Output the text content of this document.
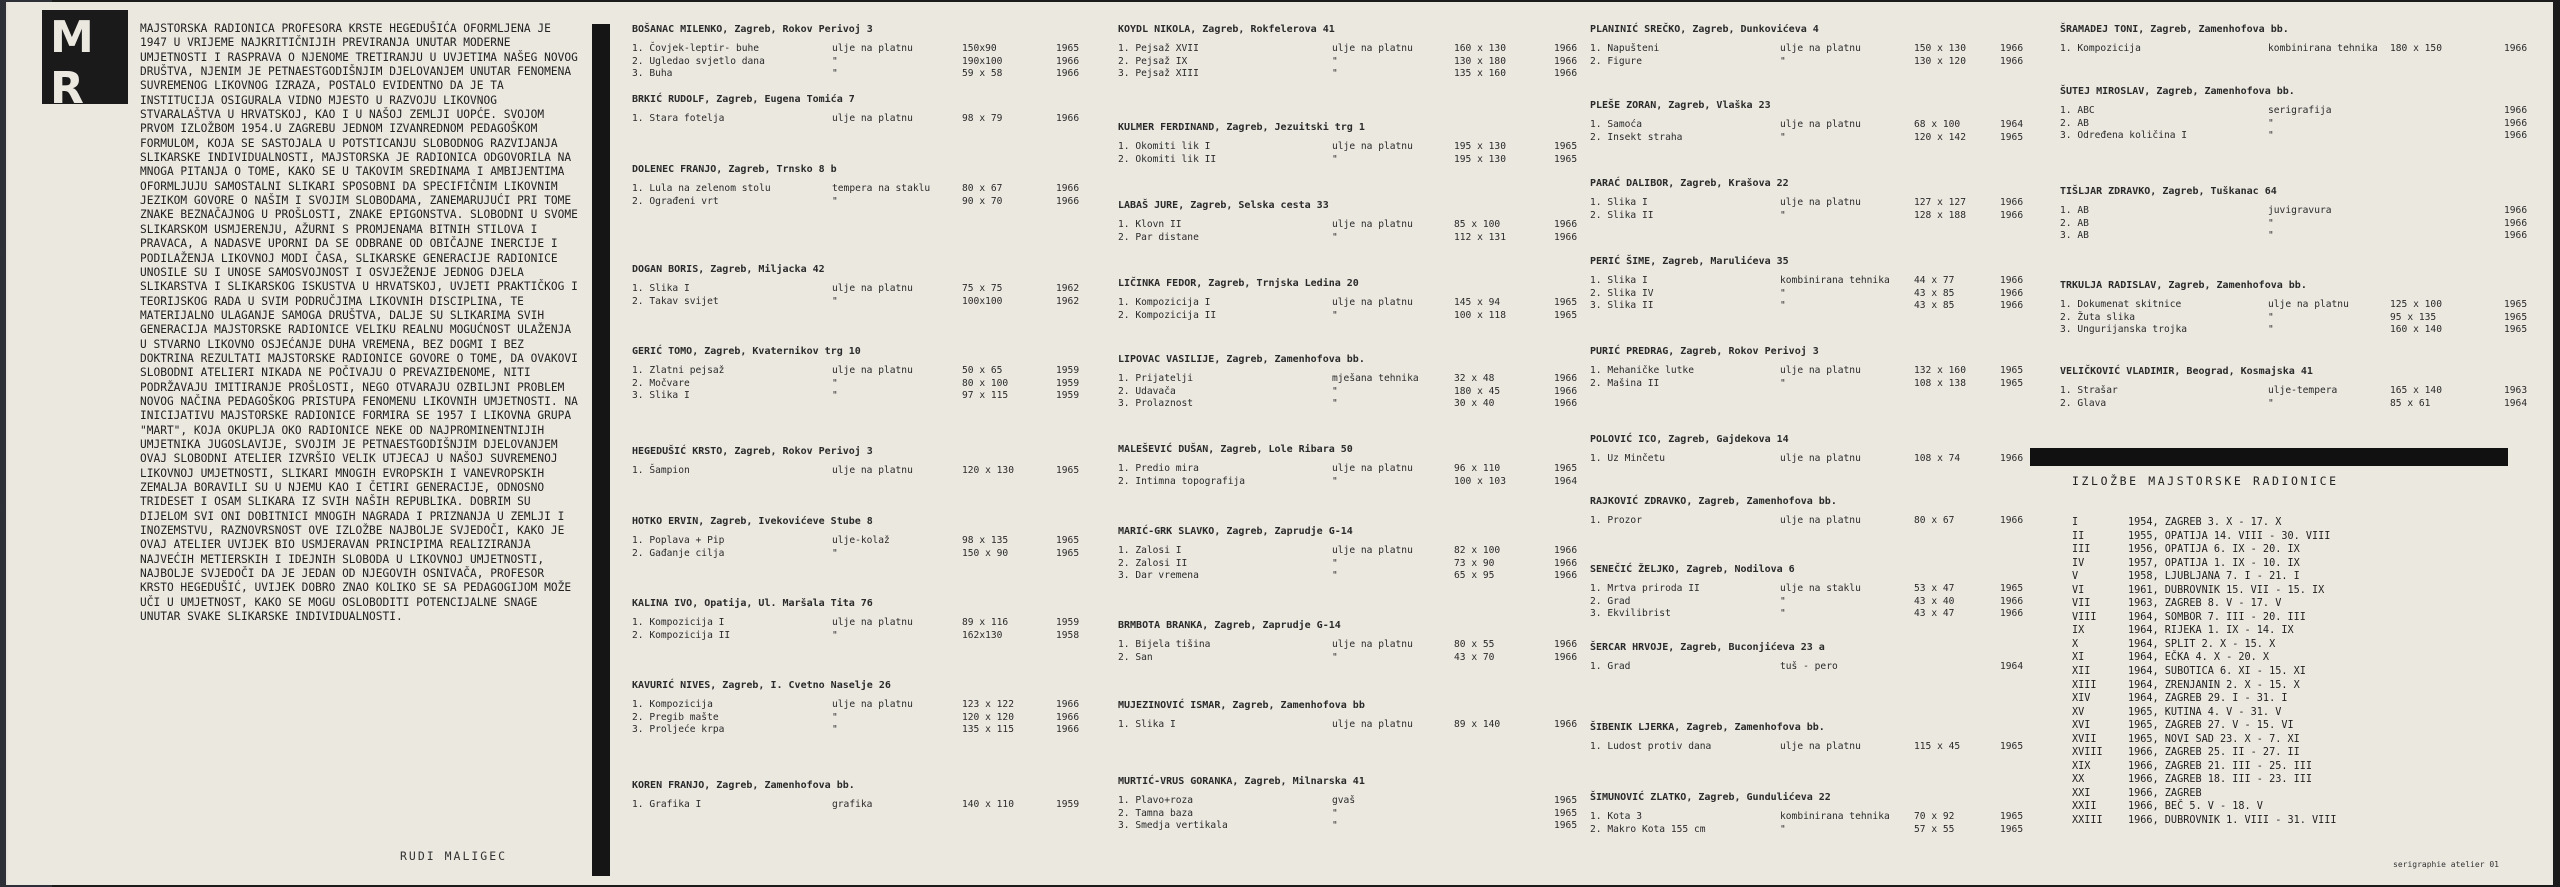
M R
MAJSTORSKA RADIONICA PROFESORA KRSTE HEGEDUŠIĆA OFORMLJENA JE 1947 U VRIJEME NAJKRITIČNIJIH PREVIRANJA UNUTAR MODERNE UMJETNOSTI I RASPRAVA O NJENOME TRETIRANJU U UVJETIMA NAŠEG NOVOG DRUŠTVA, NJENIM JE PETNAESTGODIŠNJIM DJELOVANJEM UNUTAR FENOMENA SUVREMENOG LIKOVNOG IZRAZA, POSTALO EVIDENTNO DA JE TA INSTITUCIJA OSIGURALA VIDNO MJESTO U RAZVOJU LIKOVNOG STVARALAŠTVA U HRVATSKOJ, KAO I U NAŠOJ ZEMLJI UOPĆE. SVOJOM PRVOM IZLOŽBOM 1954.U ZAGREBU JEDNOM IZVANREDNOM PEDAGOŠKOM FORMULOM, KOJA SE SASTOJALA U POTSTICANJU SLOBODNOG RAZVIJANJA SLIKARSKE INDIVIDUALNOSTI, MAJSTORSKA JE RADIONICA ODGOVORILA NA MNOGA PITANJA O TOME, KAKO SE U TAKOVIM SREDINAMA I AMBIJENTIMA OFORMLJUJU SAMOSTALNI SLIKARI SPOSOBNI DA SPECIFIČNIM LIKOVNIM JEZIKOM GOVORE O NAŠIM I SVOJIM SLOBODAMA, ZANEMARUJUĆI PRI TOME ZNAKE BEZNAČAJNOG U PROŠLOSTI, ZNAKE EPIGONSTVA. SLOBODNI U SVOME SLIKARSKOM USMJERENJU, AŽURNI S PROMJENAMA BITNIH STILOVA I PRAVACA, A NADASVE UPORNI DA SE ODBRANE OD OBIČAJNE INERCIJE I PODILAŽENJA LIKOVNOJ MODI ČASA, SLIKARSKE GENERACIJE RADIONICE UNOSILE SU I UNOSE SAMOSVOJNOST I OSVJEŽENJE JEDNOG DJELA SLIKARSTVA I SLIKARSKOG ISKUSTVA U HRVATSKOJ, UVJETI PRAKTIČKOG I TEORIJSKOG RADA U SVIM PODRUČJIMA LIKOVNIH DISCIPLINA, TE MATERIJALNO ULAGANJE SAMOGA DRUŠTVA, DALJE SU SLIKARIMA SVIH GENERACIJA MAJSTORSKE RADIONICE VELIKU REALNU MOGUĆNOST ULAŽENJA U STVARNO LIKOVNO OSJEĆANJE DUHA VREMENA, BEZ DOGMI I BEZ DOKTRINA REZULTATI MAJSTORSKE RADIONICE GOVORE O TOME, DA OVAKOVI SLOBODNI ATELIERI NIKADA NE POČIVAJU O PREVAZIĐENOME, NITI PODRŽAVAJU IMITIRANJE PROŠLOSTI, NEGO OTVARAJU OZBILJNI PROBLEM NOVOG NAČINA PEDAGOŠKOG PRISTUPA FENOMENU LIKOVNIH UMJETNOSTI. NA INICIJATIVU MAJSTORSKE RADIONICE FORMIRA SE 1957 I LIKOVNA GRUPA "MART", KOJA OKUPLJA OKO RADIONICE NEKE OD NAJPROMINENTNIJIH UMJETNIKA JUGOSLAVIJE, SVOJIM JE PETNAESTGODIŠNJIM DJELOVANJEM OVAJ SLOBODNI ATELIER IZVRŠIO VELIK UTJECAJ U NAŠOJ SUVREMENOJ LIKOVNOJ UMJETNOSTI, SLIKARI MNOGIH EVROPSKIH I VANEVROPSKIH ZEMALJA BORAVILI SU U NJEMU KAO I ČETIRI GENERACIJE, ODNOSNO TRIDESET I OSAM SLIKARA IZ SVIH NAŠIH REPUBLIKA. DOBRIM SU DIJELOM SVI ONI DOBITNICI MNOGIH NAGRADA I PRIZNANJA U ZEMLJI I INOZEMSTVU, RAZNOVRSNOST OVE IZLOŽBE NAJBOLJE SVJEDOČI, KAKO JE OVAJ ATELIER UVIJEK BIO USMJERAVAN PRINCIPIMA REALIZIRANJA NAJVEĆIH METIERSKIH I IDEJNIH SLOBODA U LIKOVNOJ UMJETNOSTI, NAJBOLJE SVJEDOČI DA JE JEDAN OD NJEGOVIH OSNIVAČA, PROFESOR KRSTO HEGEDUŠIĆ, UVIJEK DOBRO ZNAO KOLIKO SE SA PEDAGOGIJOM MOŽE UČI U UMJETNOST, KAKO SE MOGU OSLOBODITI POTENCIJALNE SNAGE UNUTAR SVAKE SLIKARSKE INDIVIDUALNOSTI.
RUDI MALIGEC
BOŠANAC MILENKO, Zagreb, Rokov Perivoj 3
1. Čovjek-leptir- buhe	ulje na platnu	150x90	1965
2. Ugledao svjetlo dana	"	190x100	1966
3. Buha	"	59 x 58	1966
BRKIĆ RUDOLF, Zagreb, Eugena Tomića 7
1. Stara fotelja	ulje na platnu	98 x 79	1966
DOLENEC FRANJO, Zagreb, Trnsko 8 b
1. Lula na zelenom stolu	tempera na staklu	80 x 67	1966
2. Ograđeni vrt	"	90 x 70	1966
DOGAN BORIS, Zagreb, Miljacka 42
1. Slika I	ulje na platnu	75 x 75	1962
2. Takav svijet	"	100x100	1962
GERIĆ TOMO, Zagreb, Kvaternikov trg 10
1. Zlatni pejsaž	ulje na platnu	50 x 65	1959
2. Močvare	"	80 x 100	1959
3. Slika I	"	97 x 115	1959
HEGEDUŠIĆ KRSTO, Zagreb, Rokov Perivoj 3
1. Šampion	ulje na platnu	120 x 130	1965
HOTKO ERVIN, Zagreb, Ivekovićeve Stube 8
1. Poplava + Pip	ulje-kolaž	98 x 135	1965
2. Gađanje cilja	"	150 x 90	1965
KALINA IVO, Opatija, Ul. Maršala Tita 76
1. Kompozicija I	ulje na platnu	89 x 116	1959
2. Kompozicija II	"	162x130	1958
KAVURIĆ NIVES, Zagreb, I. Cvetno Naselje 26
1. Kompozicija	ulje na platnu	123 x 122	1966
2. Pregib mašte	"	120 x 120	1966
3. Proljeće krpa	"	135 x 115	1966
KOREN FRANJO, Zagreb, Zamenhofova bb.
1. Grafika I	grafika	140 x 110	1959
KOYDL NIKOLA, Zagreb, Rokfelerova 41
1. Pejsaž XVII	ulje na platnu	160 x 130	1966
2. Pejsaž IX	"	130 x 180	1966
3. Pejsaž XIII	"	135 x 160	1966
KULMER FERDINAND, Zagreb, Jezuitski trg 1
1. Okomiti lik I	ulje na platnu	195 x 130	1965
2. Okomiti lik II	"	195 x 130	1965
LABAŠ JURE, Zagreb, Selska cesta 33
1. Klovn II	ulje na platnu	85 x 100	1966
2. Par distane	"	112 x 131	1966
LIČINKA FEDOR, Zagreb, Trnjska Ledina 20
1. Kompozicija I	ulje na platnu	145 x 94	1965
2. Kompozicija II	"	100 x 118	1965
LIPOVAC VASILIJE, Zagreb, Zamenhofova bb.
1. Prijatelji	mješana tehnika	32 x 48	1966
2. Udavača	"	180 x 45	1966
3. Prolaznost	"	30 x 40	1966
MALEŠEVIĆ DUŠAN, Zagreb, Lole Ribara 50
1. Predio mira	ulje na platnu	96 x 110	1965
2. Intimna topografija	"	100 x 103	1964
MARIĆ-GRK SLAVKO, Zagreb, Zaprudje G-14
1. Zalosi I	ulje na platnu	82 x 100	1966
2. Zalosi II	"	73 x 90	1966
3. Dar vremena	"	65 x 95	1966
BRMBOTA BRANKA, Zagreb, Zaprudje G-14
1. Bijela tišina	ulje na platnu	80 x 55	1966
2. San	"	43 x 70	1966
MUJEZINOVIĆ ISMAR, Zagreb, Zamenhofova bb
1. Slika I	ulje na platnu	89 x 140	1966
MURTIĆ-VRUS GORANKA, Zagreb, Milnarska 41
1. Plavo+roza	gvaš	1965
2. Tamna baza	"	1965
3. Smedja vertikala	"	1965
PLANINIĆ SREČKO, Zagreb, Dunkovićeva 4
1. Napušteni	ulje na platnu	150 x 130	1966
2. Figure	"	130 x 120	1966
PLEŠE ZORAN, Zagreb, Vlaška 23
1. Samoća	ulje na platnu	68 x 100	1964
2. Insekt straha	"	120 x 142	1965
PARAĆ DALIBOR, Zagreb, Krašova 22
1. Slika I	ulje na platnu	127 x 127	1966
2. Slika II	"	128 x 188	1966
PERIĆ ŠIME, Zagreb, Marulićeva 35
1. Slika I	kombinirana tehnika	44 x 77	1966
2. Slika IV	"	43 x 85	1966
3. Slika II	"	43 x 85	1966
PURIĆ PREDRAG, Zagreb, Rokov Perivoj 3
1. Mehaničke lutke	ulje na platnu	132 x 160	1965
2. Mašina II	"	108 x 138	1965
POLOVIĆ ICO, Zagreb, Gajdekova 14
1. Uz Minčetu	ulje na platnu	108 x 74	1966
RAJKOVIĆ ZDRAVKO, Zagreb, Zamenhofova bb.
1. Prozor	ulje na platnu	80 x 67	1966
SENEČIĆ ŽELJKO, Zagreb, Nodilova 6
1. Mrtva priroda II	ulje na staklu	53 x 47	1965
2. Grad	"	43 x 40	1966
3. Ekvilibrist	"	43 x 47	1966
ŠERCAR HRVOJE, Zagreb, Buconjićeva 23 a
1. Grad	tuš - pero	1964
ŠIBENIK LJERKA, Zagreb, Zamenhofova bb.
1. Ludost protiv dana	ulje na platnu	115 x 45	1965
ŠIMUNOVIĆ ZLATKO, Zagreb, Gundulićeva 22
1. Kota 3	kombinirana tehnika	70 x 92	1965
2. Makro Kota 155 cm	"	57 x 55	1965
ŠRAMADEJ TONI, Zagreb, Zamenhofova bb.
1. Kompozicija	kombinirana tehnika 180 x 150	1966
ŠUTEJ MIROSLAV, Zagreb, Zamenhofova bb.
1. ABC	serigrafija	1966
2. AB	"	1966
3. Određena količina I	"	1966
TIŠLJAR ZDRAVKO, Zagreb, Tuškanac 64
1. AB	juvigravura	1966
2. AB	"	1966
3. AB	"	1966
TRKULJA RADISLAV, Zagreb, Zamenhofova bb.
1. Dokumenat skitnice	ulje na platnu	125 x 100	1965
2. Žuta slika	"	95 x 135	1965
3. Ungurijanska trojka	"	160 x 140	1965
VELIČKOVIĆ VLADIMIR, Beograd, Kosmajska 41
1. Strašar	ulje-tempera	165 x 140	1963
2. Glava	"	85 x 61	1964
IZLOŽBE MAJSTORSKE RADIONICE
I	1954, ZAGREB 3. X - 17. X
II	1955, OPATIJA 14. VIII - 30. VIII
III	1956, OPATIJA 6. IX - 20. IX
IV	1957, OPATIJA 1. IX - 10. IX
V	1958, LJUBLJANA 7. I - 21. I
VI	1961, DUBROVNIK 15. VII - 15. IX
VII	1963, ZAGREB 8. V - 17. V
VIII	1964, SOMBOR 7. III - 20. III
IX	1964, RIJEKA 1. IX - 14. IX
X	1964, SPLIT 2. X - 15. X
XI	1964, EČKA 4. X - 20. X
XII	1964, SUBOTICA 6. XI - 15. XI
XIII	1964, ZRENJANIN 2. X - 15. X
XIV	1964, ZAGREB 29. I - 31. I
XV	1965, KUTINA 4. V - 31. V
XVI	1965, ZAGREB 27. V - 15. VI
XVII	1965, NOVI SAD 23. X - 7. XI
XVIII 1966, ZAGREB 25. II - 27. II
XIX	1966, ZAGREB 21. III - 25. III
XX	1966, ZAGREB 18. III - 23. III
XXI	1966, ZAGREB
XXII	1966, BEČ 5. V - 18. V
XXIII 1966, DUBROVNIK 1. VIII - 31. VIII
serigraphie atelier 01
